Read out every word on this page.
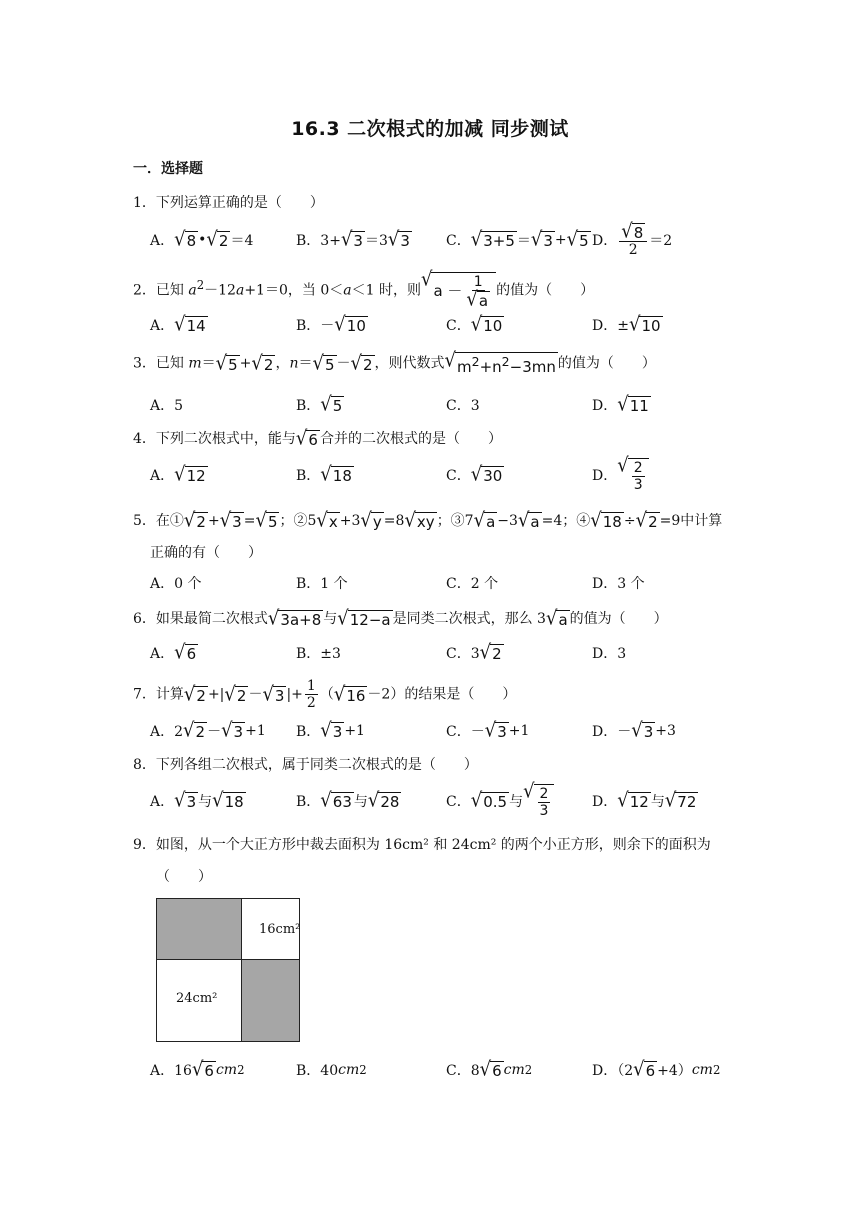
16.3 二次根式的加减 同步测试
一．选择题
1．下列运算正确的是（　　）
A． √ 8 • √ 2 ＝4	B．3+ √ 3 ＝3 √ 3	C． √ 3+5 ＝ √ 3 + √ 5 D． $\frac{√ 8}{2} =2$
2．已知 $a^2-12a+1=0$，当 0＜a＜1 时，则 √ $a - \frac{1}{√ a}$ 的值为（　　）
A． √ 14	B．－ √ 10	C． √ 10	D．± √ 10
3．已知 m＝ √ 5 + √ 2 ，n＝ √ 5 － √ 2 ，则代数式 √ $m^2+n^2-3mn$ 的值为（　　）
A．5	B． √ 5	C．3	D． √ 11
4．下列二次根式中，能与 √ 6 合并的二次根式的是（　　）
A． √ 12	B． √ 18	C． √ 30	D． √ $\frac{2}{3}$
5．在① √ 2 + √ 3 = √ 5 ；②5 √ x +3 √ y =8 √ xy ；③7 √ a −3 √ a =4；④ √ 18 ÷ √ 2 =9中计算
正确的有（　　）
A．0 个	B．1 个	C．2 个	D．3 个
6．如果最简二次根式 √ 3a+8 与 √ 12−a 是同类二次根式，那么 3 √ a 的值为（　　）
A． √ 6	B．±3	C．3 √ 2	D．3
7．计算 √ 2 +| √ 2 － √ 3 |+ $\frac{1}{2}$ （ √ 16 －2）的结果是（　　）
A．2 √ 2 － √ 3 +1 B． √ 3 +1	C．－ √ 3 +1	D．－ √ 3 +3
8．下列各组二次根式，属于同类二次根式的是（　　）
A． √ 3 与 √ 18	B． √ 63 与 √ 28	C． √ 0.5 与 √ $\frac{2}{3}$	D． √ 12 与 √ 72
9．如图，从一个大正方形中裁去面积为 16cm² 和 24cm² 的两个小正方形，则余下的面积为
（　　）
16cm²
24cm²
A．16 √ 6 cm 2	B．40 cm 2	C．8 √ 6 cm 2	D．（2 √ 6 +4） cm 2
